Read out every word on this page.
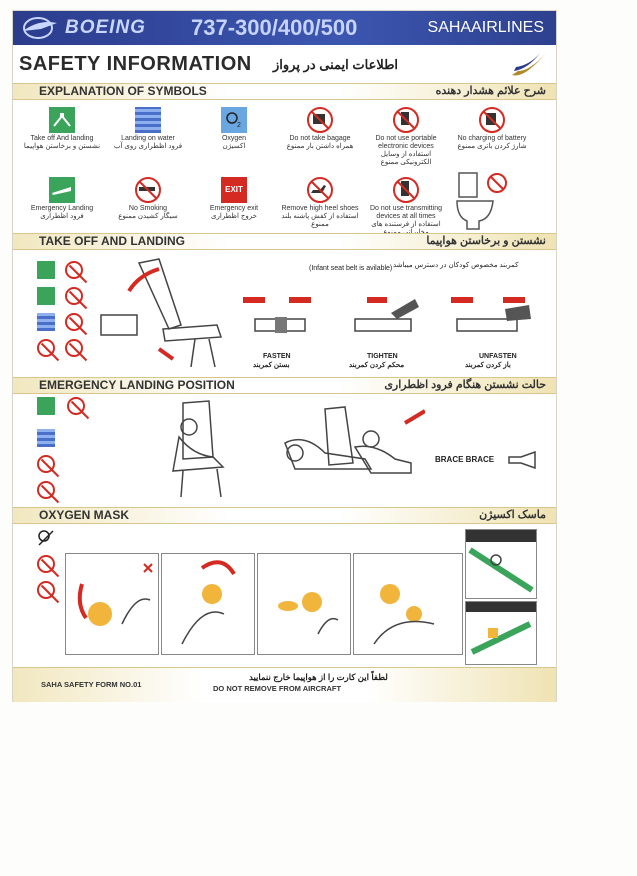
BOEING 737-300/400/500	SAHAAIRLINES
SAFETY INFORMATION اطلاعات ایمنی در پرواز
EXPLANATION OF SYMBOLS	شرح علائم هشدار دهنده
Take off And landing
نشستن و برخاستن هواپیما
Landing on water
فرود اظطراری روی آب
2
Oxygen
اکسیژن
Do not take bagage
همراه داشتن بار ممنوع
Do not use portable electronic devices
استفاده از وسایل الکترونیکی ممنوع
No charging of battery
شارژ کردن باتری ممنوع
Emergency Landing
فرود اظطراری
No Smoking
سیگار کشیدن ممنوع
EXIT
Emergency exit
خروج اظطراری
Remove high heel shoes
استفاده از کفش پاشنه بلند ممنوع
Do not use transmitting devices at all times
استفاده از فرستنده های
TAKE OFF AND LANDING	نشستن و برخاستن هواپیما
(Infant seat belt is avilable) کمربند مخصوص کودکان در دسترس میباشد
FASTEN
بستن کمربند
TIGHTEN
محکم کردن کمربند
UNFASTEN
باز کردن کمربند
EMERGENCY LANDING POSITION	حالت نشستن هنگام فرود اظطراری
BRACE BRACE
OXYGEN MASK	ماسک اکسیژن
SAHA SAFETY FORM NO.01
لطفاً این کارت را از هواپیما خارج ننمایید
DO NOT REMOVE FROM AIRCRAFT
